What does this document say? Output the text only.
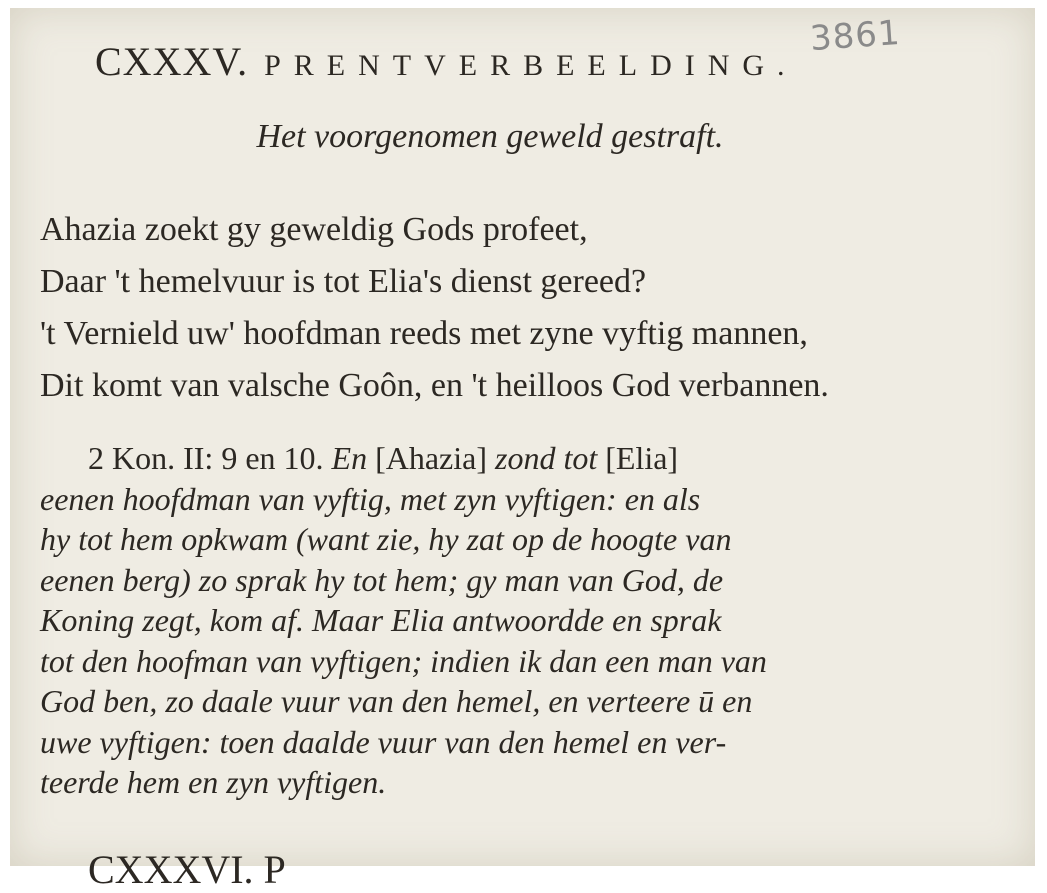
3861
CXXXV. PRENTVERBEELDING.
Het voorgenomen geweld gestraft.
Ahazia zoekt gy geweldig Gods profeet,
Daar 't hemelvuur is tot Elia's dienst gereed?
't Vernield uw' hoofdman reeds met zyne vyftig mannen,
Dit komt van valsche Goôn, en 't heilloos God verbannen.
2 Kon. II: 9 en 10. En [Ahazia] zond tot [Elia]
eenen hoofdman van vyftig, met zyn vyftigen: en als
hy tot hem opkwam (want zie, hy zat op de hoogte van
eenen berg) zo sprak hy tot hem; gy man van God, de
Koning zegt, kom af. Maar Elia antwoordde en sprak
tot den hoofman van vyftigen; indien ik dan een man van
God ben, zo daale vuur van den hemel, en verteere ū en
uwe vyftigen: toen daalde vuur van den hemel en ver-
teerde hem en zyn vyftigen.
CXXXVI. P
